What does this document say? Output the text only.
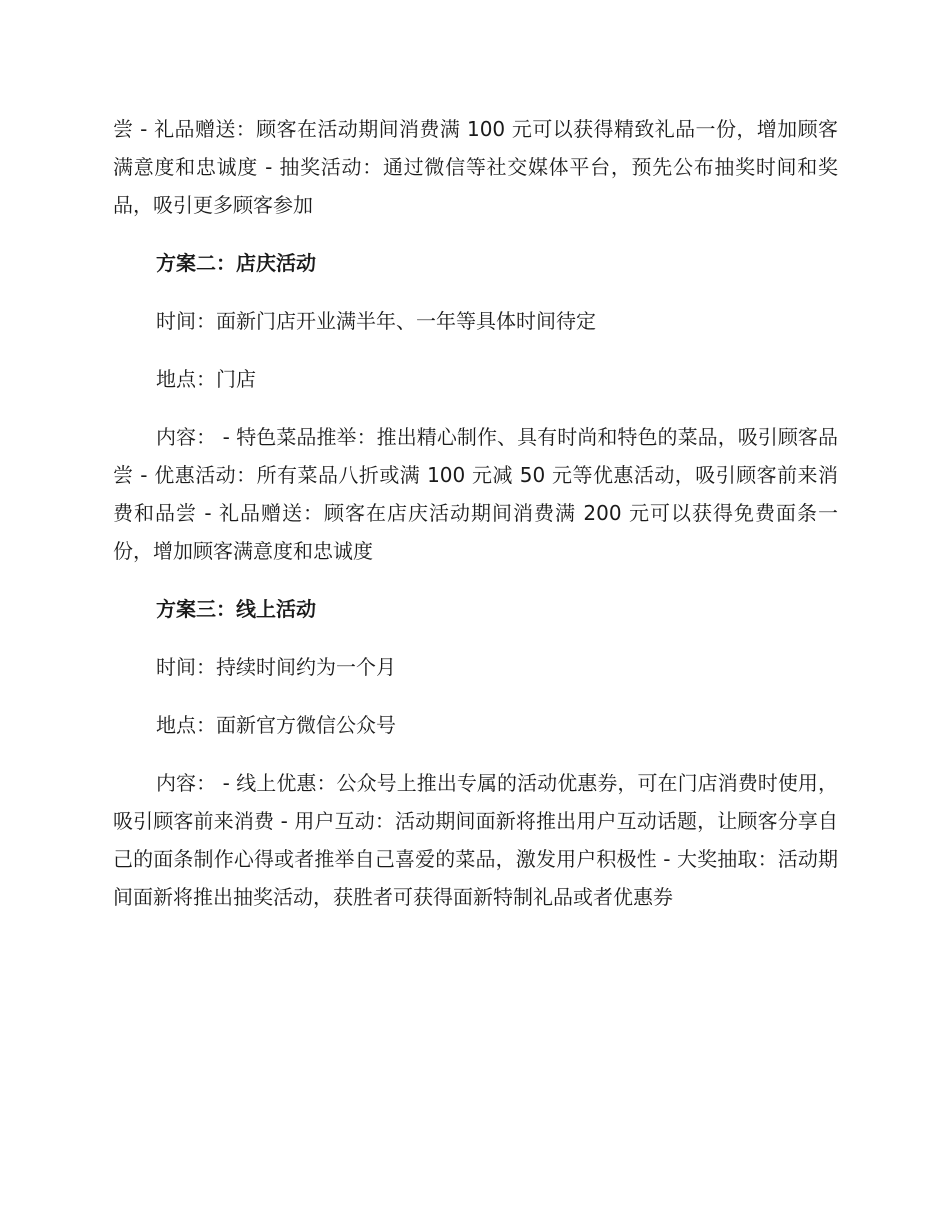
尝 - 礼品赠送：顾客在活动期间消费满 100 元可以获得精致礼品一份，增加顾客满意度和忠诚度 - 抽奖活动：通过微信等社交媒体平台，预先公布抽奖时间和奖品，吸引更多顾客参加

方案二：店庆活动

时间：面新门店开业满半年、一年等具体时间待定

地点：门店

内容： - 特色菜品推举：推出精心制作、具有时尚和特色的菜品，吸引顾客品尝 - 优惠活动：所有菜品八折或满 100 元减 50 元等优惠活动，吸引顾客前来消费和品尝 - 礼品赠送：顾客在店庆活动期间消费满 200 元可以获得免费面条一份，增加顾客满意度和忠诚度

方案三：线上活动

时间：持续时间约为一个月

地点：面新官方微信公众号

内容： - 线上优惠：公众号上推出专属的活动优惠券，可在门店消费时使用，吸引顾客前来消费 - 用户互动：活动期间面新将推出用户互动话题，让顾客分享自己的面条制作心得或者推举自己喜爱的菜品，激发用户积极性 - 大奖抽取：活动期间面新将推出抽奖活动，获胜者可获得面新特制礼品或者优惠券
